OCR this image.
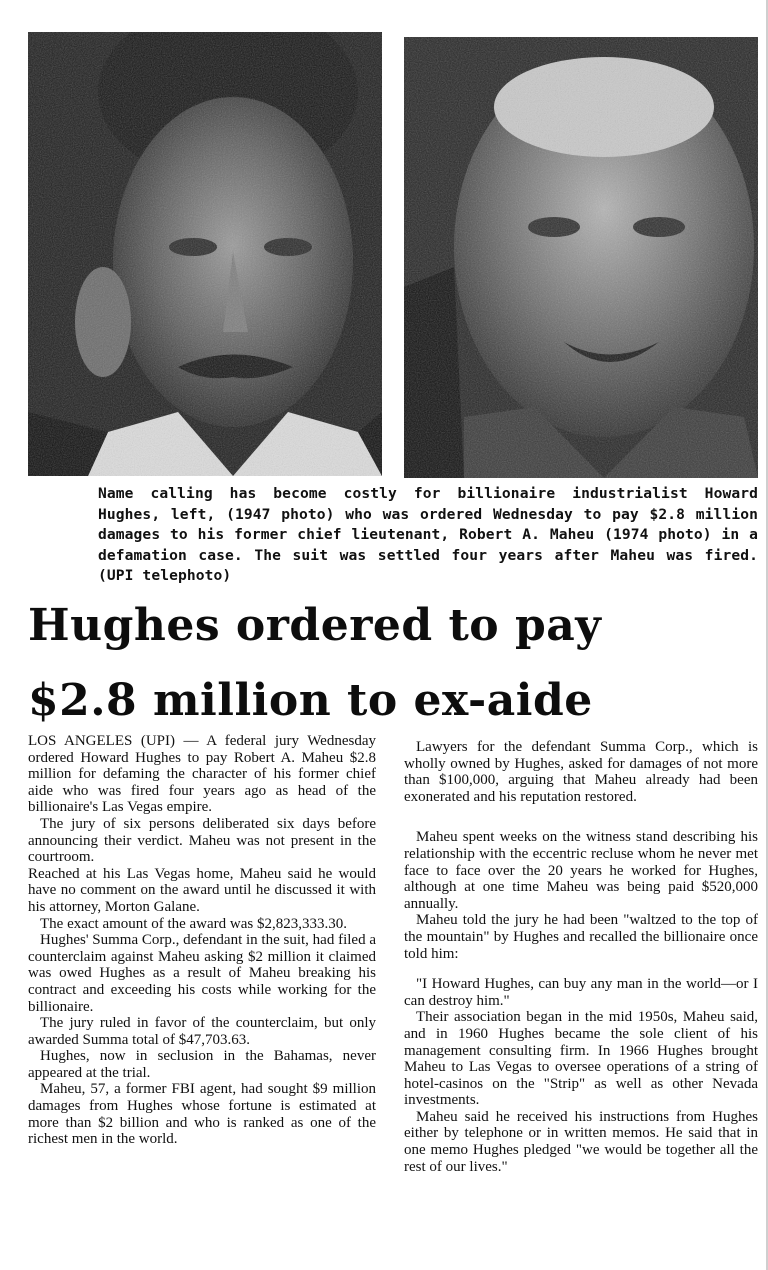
Name calling has become costly for billionaire industrialist Howard Hughes, left, (1947 photo) who was ordered Wednesday to pay $2.8 million damages to his former chief lieutenant, Robert A. Maheu (1974 photo) in a defamation case. The suit was settled four years after Maheu was fired. (UPI telephoto)
Hughes ordered to pay
$2.8 million to ex-aide

LOS ANGELES (UPI) — A federal jury Wednesday ordered Howard Hughes to pay Robert A. Maheu $2.8 million for defaming the character of his former chief aide who was fired four years ago as head of the billionaire's Las Vegas empire.

The jury of six persons deliberated six days before announcing their verdict. Maheu was not present in the courtroom.

Reached at his Las Vegas home, Maheu said he would have no comment on the award until he discussed it with his attorney, Morton Galane.

The exact amount of the award was $2,823,333.30.

Hughes' Summa Corp., defendant in the suit, had filed a counterclaim against Maheu asking $2 million it claimed was owed Hughes as a result of Maheu breaking his contract and exceeding his costs while working for the billionaire.

The jury ruled in favor of the counterclaim, but only awarded Summa total of $47,703.63.

Hughes, now in seclusion in the Bahamas, never appeared at the trial.

Maheu, 57, a former FBI agent, had sought $9 million damages from Hughes whose fortune is estimated at more than $2 billion and who is ranked as one of the richest men in the world.

Lawyers for the defendant Summa Corp., which is wholly owned by Hughes, asked for damages of not more than $100,000, arguing that Maheu already had been exonerated and his reputation restored.

Maheu spent weeks on the witness stand describing his relationship with the eccentric recluse whom he never met face to face over the 20 years he worked for Hughes, although at one time Maheu was being paid $520,000 annually.

Maheu told the jury he had been "waltzed to the top of the mountain" by Hughes and recalled the billionaire once told him:

"I Howard Hughes, can buy any man in the world—or I can destroy him."

Their association began in the mid 1950s, Maheu said, and in 1960 Hughes became the sole client of his management consulting firm. In 1966 Hughes brought Maheu to Las Vegas to oversee operations of a string of hotel-casinos on the "Strip" as well as other Nevada investments.

Maheu said he received his instructions from Hughes either by telephone or in written memos. He said that in one memo Hughes pledged "we would be together all the rest of our lives."
